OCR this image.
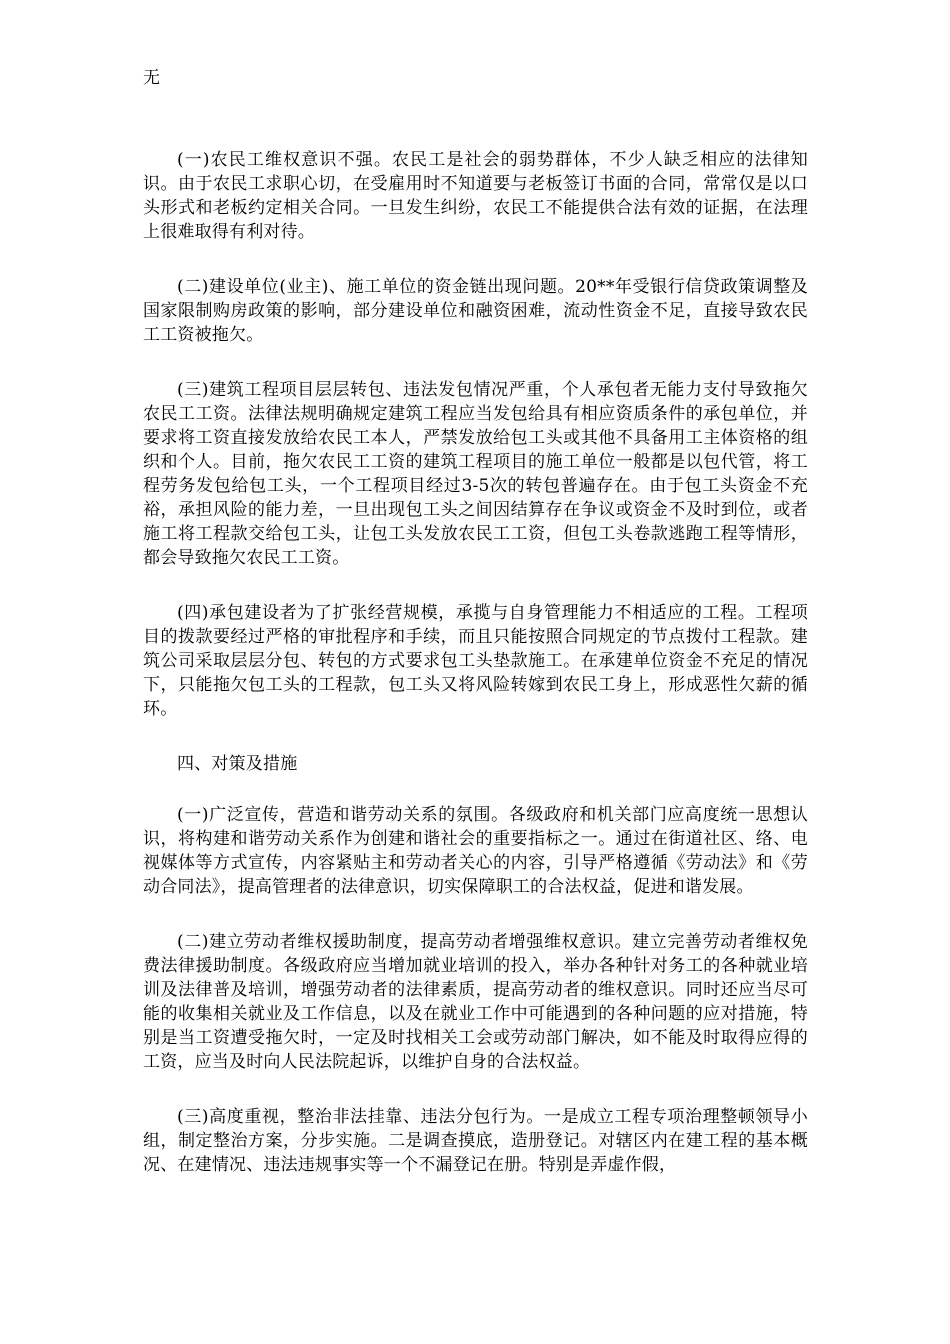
无

(一)农民工维权意识不强。农民工是社会的弱势群体，不少人缺乏相应的法律知识。由于农民工求职心切，在受雇用时不知道要与老板签订书面的合同，常常仅是以口头形式和老板约定相关合同。一旦发生纠纷，农民工不能提供合法有效的证据，在法理上很难取得有利对待。

(二)建设单位(业主)、施工单位的资金链出现问题。20**年受银行信贷政策调整及国家限制购房政策的影响，部分建设单位和融资困难，流动性资金不足，直接导致农民工工资被拖欠。

(三)建筑工程项目层层转包、违法发包情况严重，个人承包者无能力支付导致拖欠农民工工资。法律法规明确规定建筑工程应当发包给具有相应资质条件的承包单位，并要求将工资直接发放给农民工本人，严禁发放给包工头或其他不具备用工主体资格的组织和个人。目前，拖欠农民工工资的建筑工程项目的施工单位一般都是以包代管，将工程劳务发包给包工头，一个工程项目经过3-5次的转包普遍存在。由于包工头资金不充裕，承担风险的能力差，一旦出现包工头之间因结算存在争议或资金不及时到位，或者施工将工程款交给包工头，让包工头发放农民工工资，但包工头卷款逃跑工程等情形，都会导致拖欠农民工工资。

(四)承包建设者为了扩张经营规模，承揽与自身管理能力不相适应的工程。工程项目的拨款要经过严格的审批程序和手续，而且只能按照合同规定的节点拨付工程款。建筑公司采取层层分包、转包的方式要求包工头垫款施工。在承建单位资金不充足的情况下，只能拖欠包工头的工程款，包工头又将风险转嫁到农民工身上，形成恶性欠薪的循环。

四、对策及措施

(一)广泛宣传，营造和谐劳动关系的氛围。各级政府和机关部门应高度统一思想认识，将构建和谐劳动关系作为创建和谐社会的重要指标之一。通过在街道社区、络、电视媒体等方式宣传，内容紧贴主和劳动者关心的内容，引导严格遵循《劳动法》和《劳动合同法》，提高管理者的法律意识，切实保障职工的合法权益，促进和谐发展。

(二)建立劳动者维权援助制度，提高劳动者增强维权意识。建立完善劳动者维权免费法律援助制度。各级政府应当增加就业培训的投入，举办各种针对务工的各种就业培训及法律普及培训，增强劳动者的法律素质，提高劳动者的维权意识。同时还应当尽可能的收集相关就业及工作信息，以及在就业工作中可能遇到的各种问题的应对措施，特别是当工资遭受拖欠时，一定及时找相关工会或劳动部门解决，如不能及时取得应得的工资，应当及时向人民法院起诉，以维护自身的合法权益。

(三)高度重视，整治非法挂靠、违法分包行为。一是成立工程专项治理整顿领导小组，制定整治方案，分步实施。二是调查摸底，造册登记。对辖区内在建工程的基本概况、在建情况、违法违规事实等一个不漏登记在册。特别是弄虚作假，
